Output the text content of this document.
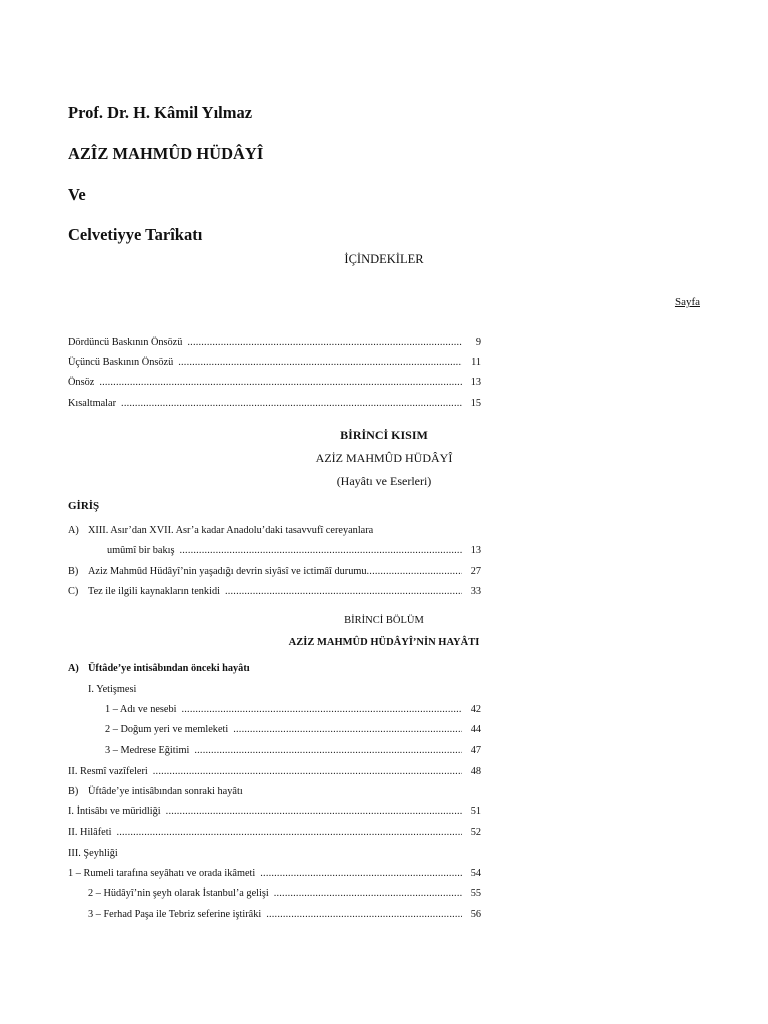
Prof. Dr. H. Kâmil Yılmaz
AZÎZ MAHMÛD HÜDÂYÎ
Ve
Celvetiyye Tarîkatı
İÇİNDEKİLER
Sayfa
Dördüncü Baskının Önsözü .....	9
Üçüncü Baskının Önsözü .....	11
Önsöz .....	13
Kısaltmalar .....	15
BİRİNCİ KISIM
AZİZ MAHMÛD HÜDÂYÎ
(Hayâtı ve Eserleri)
GİRİŞ
A) XIII. Asır’dan XVII. Asr’a kadar Anadolu’daki tasavvufî cereyanlara
umûmî bir bakış .....	13
B) Aziz Mahmûd Hüdâyî’nin yaşadığı devrin siyâsî ve ictimâî durumu .....	27
C) Tez ile ilgili kaynakların tenkidi .....	33
BİRİNCİ BÖLÜM
AZİZ MAHMÛD HÜDÂYÎ’NİN HAYÂTI
A) Üftâde’ye intisâbından önceki hayâtı
I. Yetişmesi
1 – Adı ve nesebi .....	42
2 – Doğum yeri ve memleketi .....	44
3 – Medrese Eğitimi .....	47
II. Resmî vazîfeleri .....	48
B) Üftâde’ye intisâbından sonraki hayâtı
I. İntisâbı ve müridliği .....	51
II. Hilâfeti .....	52
III. Şeyhliği
1 – Rumeli tarafına seyâhatı ve orada ikâmeti .....	54
2 – Hüdâyî’nin şeyh olarak İstanbul’a gelişi .....	55
3 – Ferhad Paşa ile Tebriz seferine iştirâki .....	56
